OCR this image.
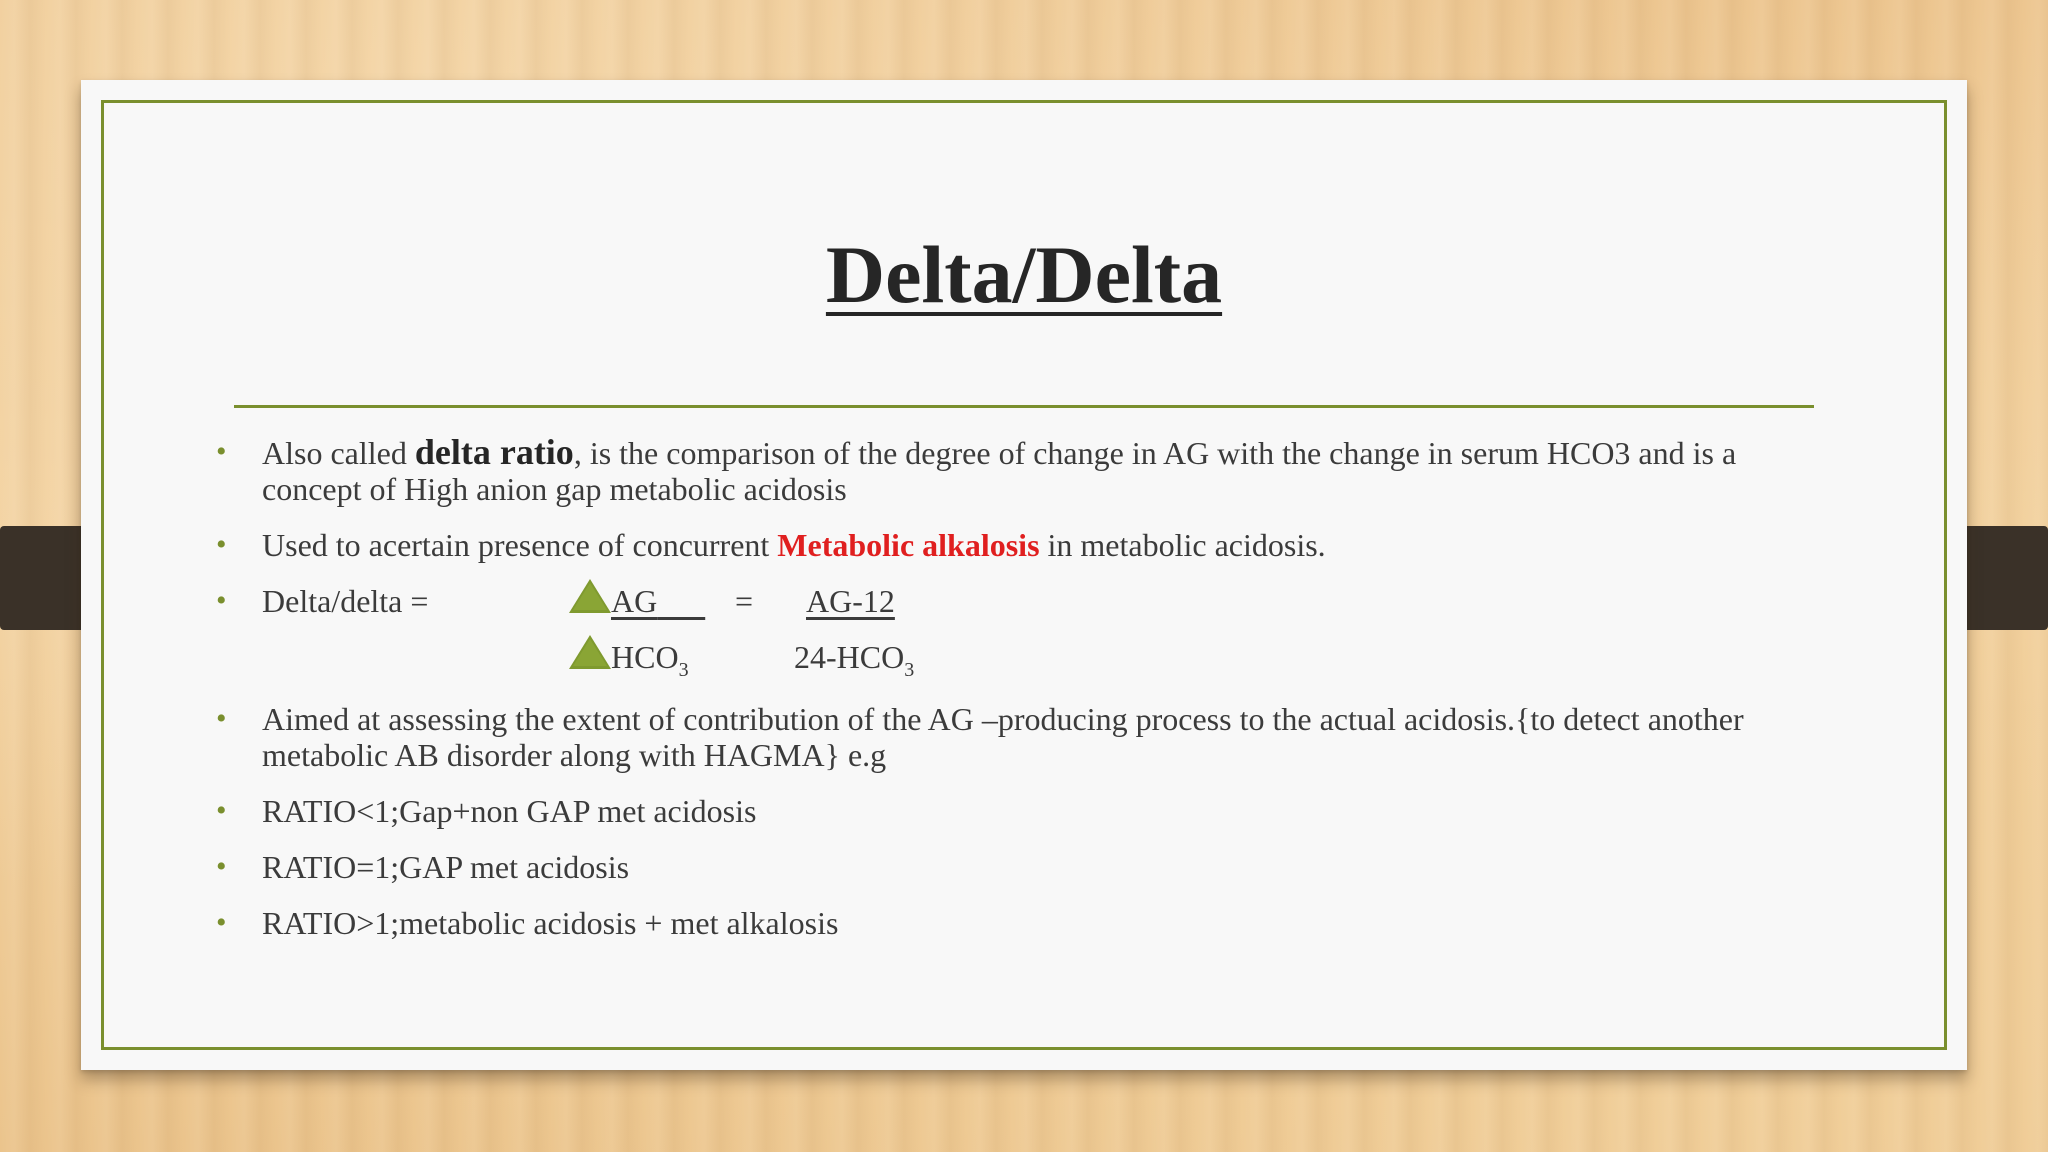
Delta/Delta
• Also called delta ratio, is the comparison of the degree of change in AG with the change in serum HCO3 and is a concept of High anion gap metabolic acidosis
• Used to acertain presence of concurrent Metabolic alkalosis in metabolic acidosis.
• Delta/delta =	AG	= AG-12
$HCO_3$	$24-HCO_3$
• Aimed at assessing the extent of contribution of the AG –producing process to the actual acidosis.{to detect another metabolic AB disorder along with HAGMA} e.g
• RATIO<1;Gap+non GAP met acidosis
• RATIO=1;GAP met acidosis
• RATIO>1;metabolic acidosis + met alkalosis
